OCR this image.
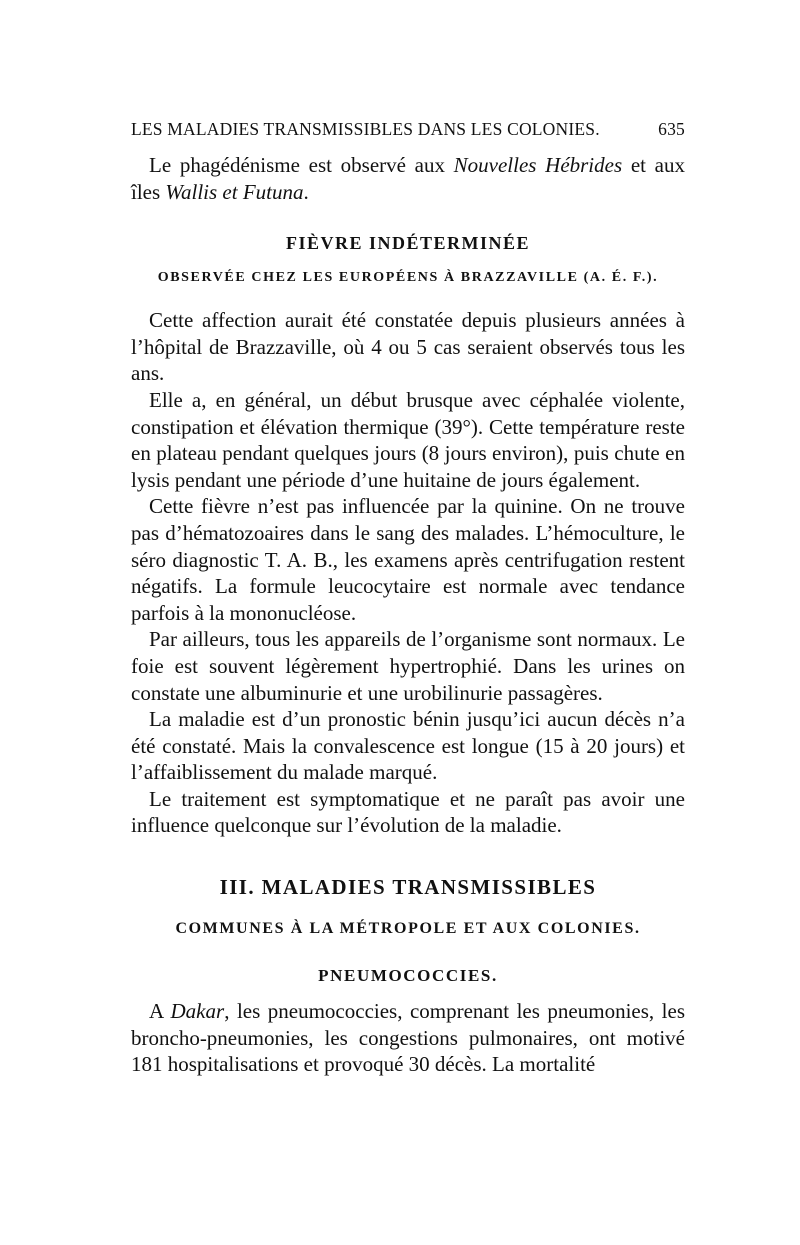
LES MALADIES TRANSMISSIBLES DANS LES COLONIES.	635

Le phagédénisme est observé aux Nouvelles Hébrides et aux îles Wallis et Futuna.

FIÈVRE INDÉTERMINÉE
OBSERVÉE CHEZ LES EUROPÉENS À BRAZZAVILLE (A. É. F.).

Cette affection aurait été constatée depuis plusieurs années à l’hôpital de Brazzaville, où 4 ou 5 cas seraient observés tous les ans.

Elle a, en général, un début brusque avec céphalée violente, constipation et élévation thermique (39°). Cette température reste en plateau pendant quelques jours (8 jours environ), puis chute en lysis pendant une période d’une huitaine de jours également.

Cette fièvre n’est pas influencée par la quinine. On ne trouve pas d’hématozoaires dans le sang des malades. L’hémoculture, le séro diagnostic T. A. B., les examens après centrifugation restent négatifs. La formule leucocytaire est normale avec tendance parfois à la mononucléose.

Par ailleurs, tous les appareils de l’organisme sont normaux. Le foie est souvent légèrement hypertrophié. Dans les urines on constate une albuminurie et une urobilinurie passagères.

La maladie est d’un pronostic bénin jusqu’ici aucun décès n’a été constaté. Mais la convalescence est longue (15 à 20 jours) et l’affaiblissement du malade marqué.

Le traitement est symptomatique et ne paraît pas avoir une influence quelconque sur l’évolution de la maladie.

III. MALADIES TRANSMISSIBLES
COMMUNES À LA MÉTROPOLE ET AUX COLONIES.
PNEUMOCOCCIES.

A Dakar, les pneumococcies, comprenant les pneumonies, les broncho-pneumonies, les congestions pulmonaires, ont motivé 181 hospitalisations et provoqué 30 décès. La mortalité
